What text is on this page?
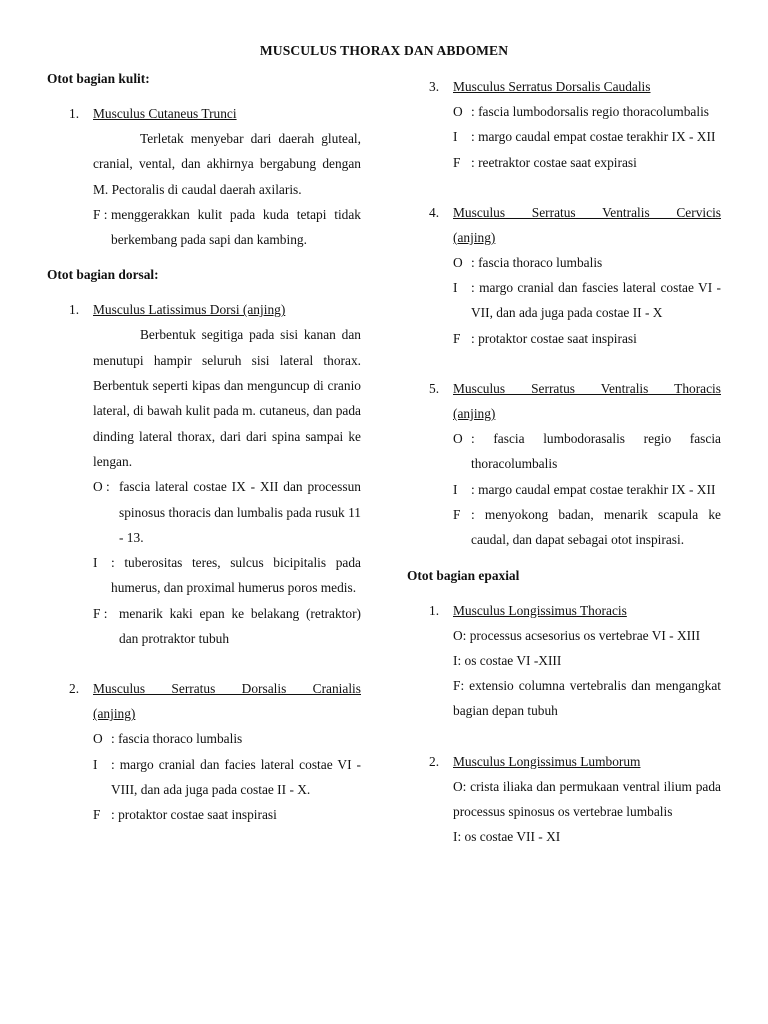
MUSCULUS THORAX DAN ABDOMEN
Otot bagian kulit:
1. Musculus Cutaneus Trunci

Terletak menyebar dari daerah gluteal, cranial, vental, dan akhirnya bergabung dengan M. Pectoralis di caudal daerah axilaris.

F : menggerakkan kulit pada kuda tetapi tidak berkembang pada sapi dan kambing.
Otot bagian dorsal:
1. Musculus Latissimus Dorsi (anjing)

Berbentuk segitiga pada sisi kanan dan menutupi hampir seluruh sisi lateral thorax. Berbentuk seperti kipas dan menguncup di cranio lateral, di bawah kulit pada m. cutaneus, dan pada dinding lateral thorax, dari dari spina sampai ke lengan.

O : fascia lateral costae IX - XII dan processun spinosus thoracis dan lumbalis pada rusuk 11 - 13.
I : tuberositas teres, sulcus bicipitalis pada humerus, dan proximal humerus poros medis.
F : menarik kaki epan ke belakang (retraktor) dan protraktor tubuh
2. Musculus Serratus Dorsalis Cranialis
(anjing)
O : fascia thoraco lumbalis
I : margo cranial dan facies lateral costae VI - VIII, dan ada juga pada costae II - X.
F : protaktor costae saat inspirasi
3. Musculus Serratus Dorsalis Caudalis
O : fascia lumbodorsalis regio thoracolumbalis
I : margo caudal empat costae terakhir IX - XII
F : reetraktor costae saat expirasi
4. Musculus Serratus Ventralis Cervicis
(anjing)
O : fascia thoraco lumbalis
I : margo cranial dan fascies lateral costae VI - VII, dan ada juga pada costae II - X
F : protaktor costae saat inspirasi
5. Musculus Serratus Ventralis Thoracis
(anjing)
O : fascia lumbodorasalis regio fascia thoracolumbalis
I : margo caudal empat costae terakhir IX - XII
F : menyokong badan, menarik scapula ke caudal, dan dapat sebagai otot inspirasi.
Otot bagian epaxial
1. Musculus Longissimus Thoracis

O: processus acsesorius os vertebrae VI - XIII

I: os costae VI -XIII

F: extensio columna vertebralis dan mengangkat bagian depan tubuh

2. Musculus Longissimus Lumborum

O: crista iliaka dan permukaan ventral ilium pada processus spinosus os vertebrae lumbalis

I: os costae VII - XI
